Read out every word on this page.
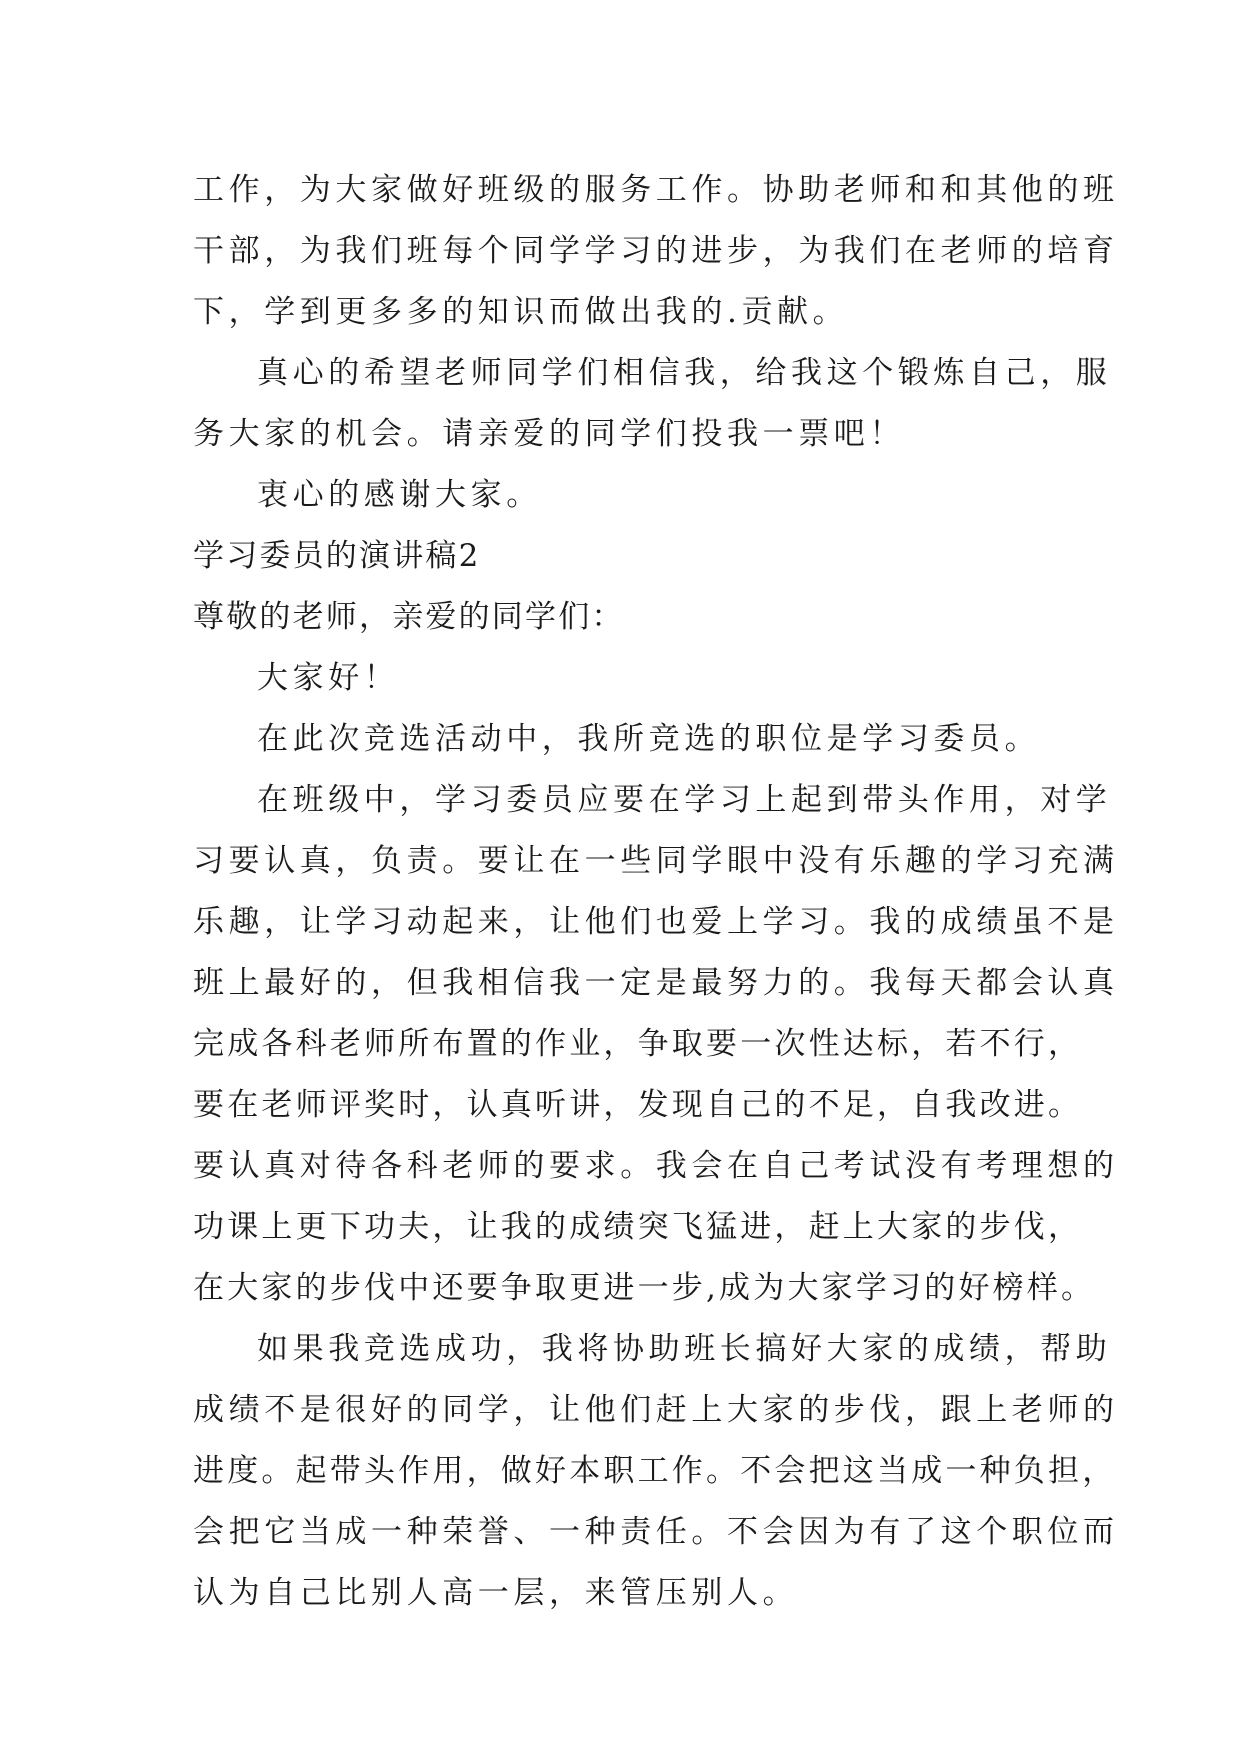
工作，为大家做好班级的服务工作。协助老师和和其他的班
干部，为我们班每个同学学习的进步，为我们在老师的培育
下，学到更多多的知识而做出我的.贡献。
真心的希望老师同学们相信我，给我这个锻炼自己，服
务大家的机会。请亲爱的同学们投我一票吧！
衷心的感谢大家。
学习委员的演讲稿2
尊敬的老师，亲爱的同学们：
大家好！
在此次竞选活动中，我所竞选的职位是学习委员。
在班级中，学习委员应要在学习上起到带头作用，对学
习要认真，负责。要让在一些同学眼中没有乐趣的学习充满
乐趣，让学习动起来，让他们也爱上学习。我的成绩虽不是
班上最好的，但我相信我一定是最努力的。我每天都会认真
完成各科老师所布置的作业，争取要一次性达标，若不行，
要在老师评奖时，认真听讲，发现自己的不足，自我改进。
要认真对待各科老师的要求。我会在自己考试没有考理想的
功课上更下功夫，让我的成绩突飞猛进，赶上大家的步伐，
在大家的步伐中还要争取更进一步,成为大家学习的好榜样。
如果我竞选成功，我将协助班长搞好大家的成绩，帮助
成绩不是很好的同学，让他们赶上大家的步伐，跟上老师的
进度。起带头作用，做好本职工作。不会把这当成一种负担，
会把它当成一种荣誉、一种责任。不会因为有了这个职位而
认为自己比别人高一层，来管压别人。
